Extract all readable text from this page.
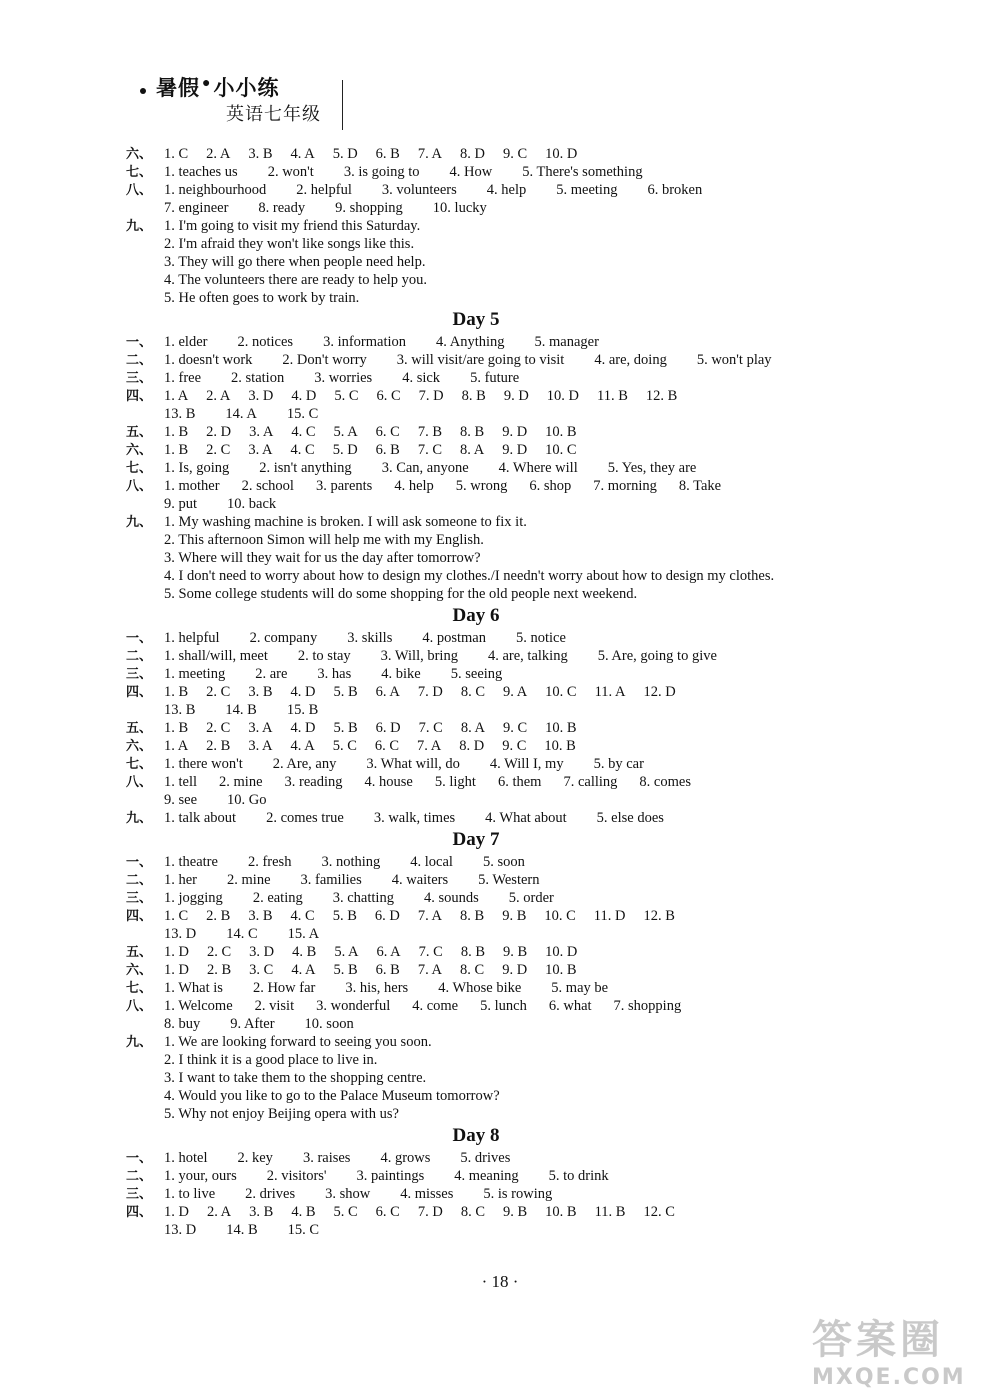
暑假 ●小小练
英语七年级
六、 1. C 2. A 3. B 4. A 5. D 6. B 7. A 8. D 9. C 10. D
七、 1. teaches us 2. won't 3. is going to 4. How 5. There's something
八、 1. neighbourhood 2. helpful 3. volunteers 4. help 5. meeting 6. broken
7. engineer 8. ready 9. shopping 10. lucky
九、 1. I'm going to visit my friend this Saturday.
2. I'm afraid they won't like songs like this.
3. They will go there when people need help.
4. The volunteers there are ready to help you.
5. He often goes to work by train.
Day 5
一、 1. elder 2. notices 3. information 4. Anything 5. manager
二、 1. doesn't work 2. Don't worry 3. will visit/are going to visit 4. are, doing 5. won't play
三、 1. free 2. station 3. worries 4. sick 5. future
四、 1. A 2. A 3. D 4. D 5. C 6. C 7. D 8. B 9. D 10. D 11. B 12. B
13. B 14. A 15. C
五、 1. B 2. D 3. A 4. C 5. A 6. C 7. B 8. B 9. D 10. B
六、 1. B 2. C 3. A 4. C 5. D 6. B 7. C 8. A 9. D 10. C
七、 1. Is, going 2. isn't anything 3. Can, anyone 4. Where will 5. Yes, they are
八、 1. mother 2. school 3. parents 4. help 5. wrong 6. shop 7. morning 8. Take
9. put 10. back
九、 1. My washing machine is broken. I will ask someone to fix it.
2. This afternoon Simon will help me with my English.
3. Where will they wait for us the day after tomorrow?
4. I don't need to worry about how to design my clothes./I needn't worry about how to design my clothes.
5. Some college students will do some shopping for the old people next weekend.
Day 6
一、 1. helpful 2. company 3. skills 4. postman 5. notice
二、 1. shall/will, meet 2. to stay 3. Will, bring 4. are, talking 5. Are, going to give
三、 1. meeting 2. are 3. has 4. bike 5. seeing
四、 1. B 2. C 3. B 4. D 5. B 6. A 7. D 8. C 9. A 10. C 11. A 12. D
13. B 14. B 15. B
五、 1. B 2. C 3. A 4. D 5. B 6. D 7. C 8. A 9. C 10. B
六、 1. A 2. B 3. A 4. A 5. C 6. C 7. A 8. D 9. C 10. B
七、 1. there won't 2. Are, any 3. What will, do 4. Will I, my 5. by car
八、 1. tell 2. mine 3. reading 4. house 5. light 6. them 7. calling 8. comes
9. see 10. Go
九、 1. talk about 2. comes true 3. walk, times 4. What about 5. else does
Day 7
一、 1. theatre 2. fresh 3. nothing 4. local 5. soon
二、 1. her 2. mine 3. families 4. waiters 5. Western
三、 1. jogging 2. eating 3. chatting 4. sounds 5. order
四、 1. C 2. B 3. B 4. C 5. B 6. D 7. A 8. B 9. B 10. C 11. D 12. B
13. D 14. C 15. A
五、 1. D 2. C 3. D 4. B 5. A 6. A 7. C 8. B 9. B 10. D
六、 1. D 2. B 3. C 4. A 5. B 6. B 7. A 8. C 9. D 10. B
七、 1. What is 2. How far 3. his, hers 4. Whose bike 5. may be
八、 1. Welcome 2. visit 3. wonderful 4. come 5. lunch 6. what 7. shopping
8. buy 9. After 10. soon
九、 1. We are looking forward to seeing you soon.
2. I think it is a good place to live in.
3. I want to take them to the shopping centre.
4. Would you like to go to the Palace Museum tomorrow?
5. Why not enjoy Beijing opera with us?
Day 8
一、 1. hotel 2. key 3. raises 4. grows 5. drives
二、 1. your, ours 2. visitors' 3. paintings 4. meaning 5. to drink
三、 1. to live 2. drives 3. show 4. misses 5. is rowing
四、 1. D 2. A 3. B 4. B 5. C 6. C 7. D 8. C 9. B 10. B 11. B 12. C
13. D 14. B 15. C
· 18 ·
答案圈
MXQE.COM
